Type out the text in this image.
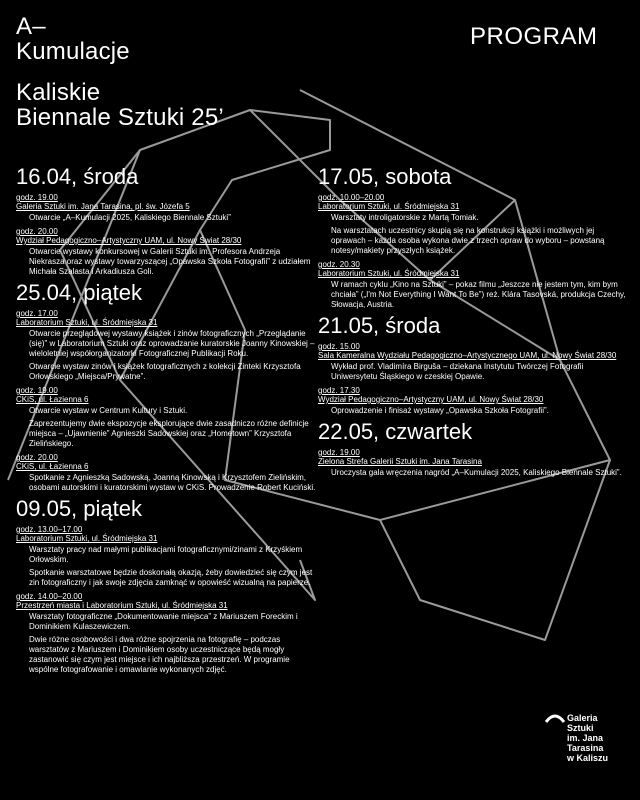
A–
Kumulacje
Kaliskie
Biennale Sztuki 25’
PROGRAM
16.04, środa
godz. 19.00
Galeria Sztuki im. Jana Tarasina, pl. św. Józefa 5
Otwarcie „A–Kumulacji 2025, Kaliskiego Biennale Sztuki”
godz. 20.00
Wydział Pedagogiczno–Artystyczny UAM, ul. Nowy Świat 28/30
Otwarcie wystawy konkursowej w Galerii Sztuki im. Profesora Andrzeja Niekrasza oraz wystawy towarzyszącej „Opawska Szkoła Fotografii” z udziałem Michała Szalasta i Arkadiusza Goli.
25.04, piątek
godz. 17.00
Laboratorium Sztuki, ul. Śródmiejska 31
Otwarcie przeglądowej wystawy książek i zinów fotograficznych „Przeglądanie (się)” w Laboratorium Sztuki oraz oprowadzanie kuratorskie Joanny Kinowskiej – wieloletniej współorganizatorki Fotograficznej Publikacji Roku.
Otwarcie wystaw zinów i książek fotograficznych z kolekcji Zinteki Krzysztofa Orłowskiego „Miejsca/Prywatne”.
godz. 19.00
CKiS, ul. Łazienna 6
Otwarcie wystaw w Centrum Kultury i Sztuki.
Zaprezentujemy dwie ekspozycje eksplorujące dwie zasadniczo różne definicje miejsca – „Ujawnienie” Agnieszki Sadowskiej oraz „Hometown” Krzysztofa Zielińskiego.
godz. 20.00
CKiS, ul. Łazienna 6
Spotkanie z Agnieszką Sadowską, Joanną Kinowską i Krzysztofem Zielińskim, osobami autorskimi i kuratorskimi wystaw w CKiS. Prowadzenie Robert Kuciński.
09.05, piątek
godz. 13.00–17.00
Laboratorium Sztuki, ul. Śródmiejska 31
Warsztaty pracy nad małymi publikacjami fotograficznymi/zinami z Krzyśkiem Orłowskim.
Spotkanie warsztatowe będzie doskonałą okazją, żeby dowiedzieć się czym jest zin fotograficzny i jak swoje zdjęcia zamknąć w opowieść wizualną na papierze.
godz. 14.00–20.00
Przestrzeń miasta i Laboratorium Sztuki, ul. Śródmiejska 31
Warsztaty fotograficzne „Dokumentowanie miejsca” z Mariuszem Foreckim i Dominikiem Kulaszewiczem.
Dwie różne osobowości i dwa różne spojrzenia na fotografię – podczas warsztatów z Mariuszem i Dominikiem osoby uczestniczące będą mogły zastanowić się czym jest miejsce i ich najbliższa przestrzeń. W programie wspólne fotografowanie i omawianie wykonanych zdjęć.
17.05, sobota
godz. 10.00–20.00
Laboratorium Sztuki, ul. Śródmiejska 31
Warsztaty introligatorskie z Martą Tomiak.
Na warsztatach uczestnicy skupią się na konstrukcji książki i możliwych jej oprawach – każda osoba wykona dwie z trzech opraw do wyboru – powstaną notesy/makiety przyszłych książek.
godz. 20.30
Laboratorium Sztuki, ul. Śródmiejska 31
W ramach cyklu „Kino na Sztuki” – pokaz filmu „Jeszcze nie jestem tym, kim bym chciała” („I'm Not Everything I Want To Be”) reż. Klára Tasovská, produkcja Czechy, Słowacja, Austria.
21.05, środa
godz. 15.00
Sala Kameralna Wydziału Pedagogiczno–Artystycznego UAM, ul. Nowy Świat 28/30
Wykład prof. Vladimíra Birguša – dziekana Instytutu Twórczej Fotografii Uniwersytetu Śląskiego w czeskiej Opawie.
godz. 17.30
Wydział Pedagogiczno–Artystyczny UAM, ul. Nowy Świat 28/30
Oprowadzenie i finisaż wystawy „Opawska Szkoła Fotografii”.
22.05, czwartek
godz. 19.00
Zielona Strefa Galerii Sztuki im. Jana Tarasina
Uroczysta gala wręczenia nagród „A–Kumulacji 2025, Kaliskiego Biennale Sztuki”.
Galeria
Sztuki
im. Jana
Tarasina
w Kaliszu
